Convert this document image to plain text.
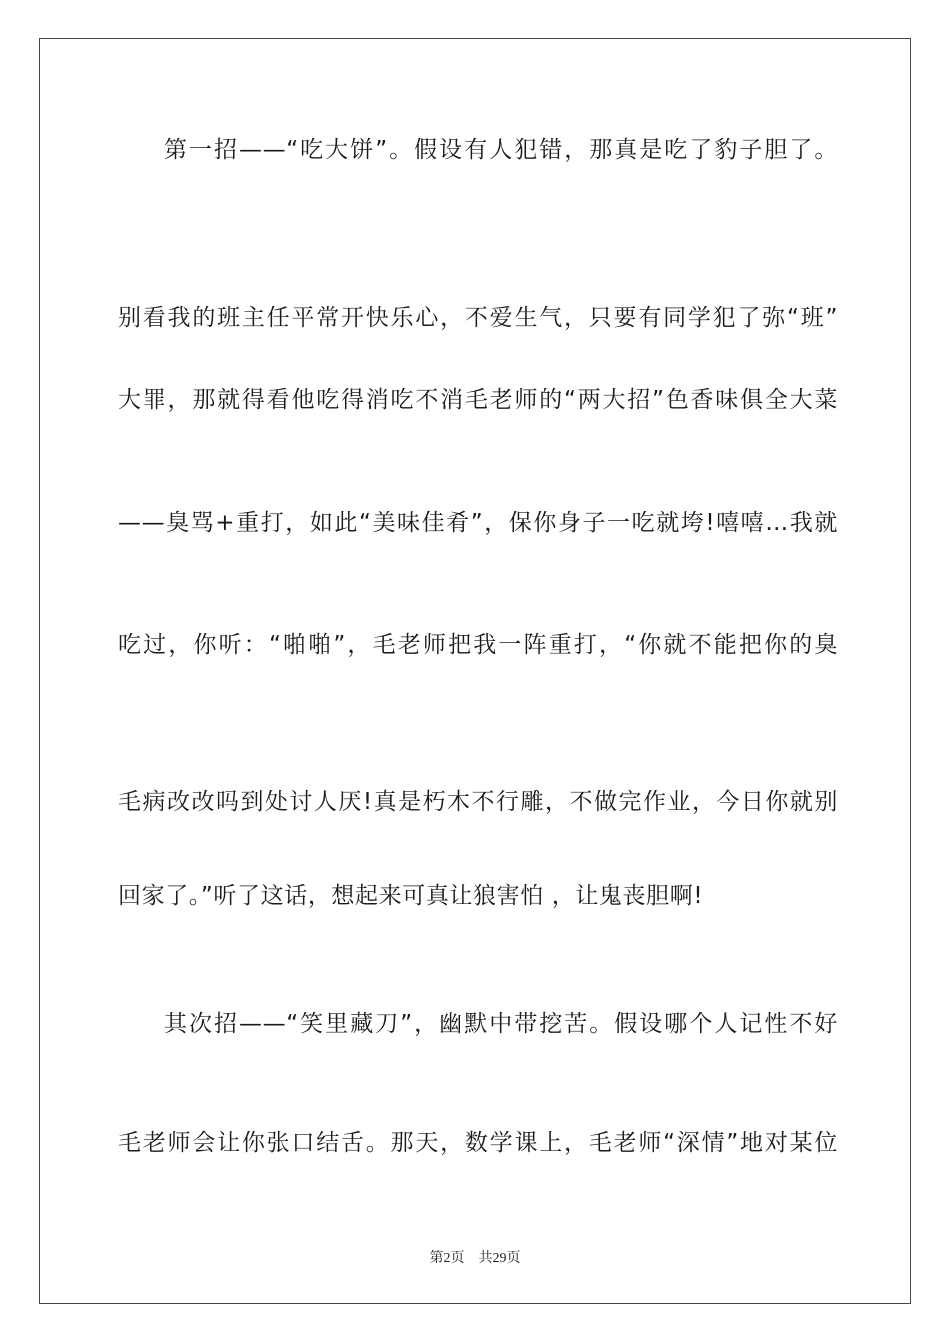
第一招——“吃大饼”。假设有人犯错，那真是吃了豹子胆了。
别看我的班主任平常开快乐心，不爱生气，只要有同学犯了弥“班”
大罪，那就得看他吃得消吃不消毛老师的“两大招”色香味俱全大菜
——臭骂+重打，如此“美味佳肴”，保你身子一吃就垮!嘻嘻…我就
吃过，你听：“啪啪”，毛老师把我一阵重打，“你就不能把你的臭
毛病改改吗到处讨人厌!真是朽木不行雕，不做完作业，今日你就别
回家了。”听了这话，想起来可真让狼害怕 ，让鬼丧胆啊!
其次招——“笑里藏刀”，幽默中带挖苦。假设哪个人记性不好
毛老师会让你张口结舌。那天，数学课上，毛老师“深情”地对某位
第2页 共29页
